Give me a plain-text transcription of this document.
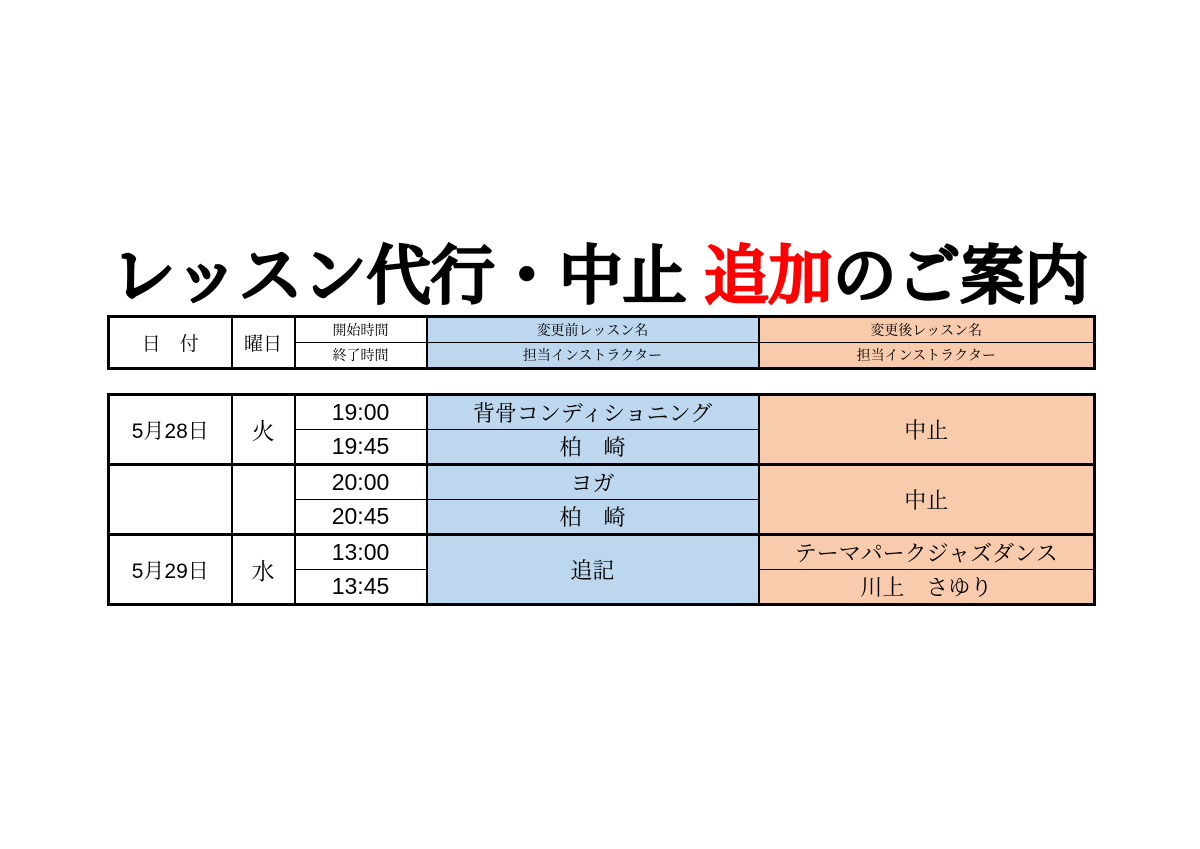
レッスン代行・中止 追加のご案内
日　付	曜日	開始時間	変更前レッスン名	変更後レッスン名
		終了時間	担当インストラクター	担当インストラクター
5月28日	火	19:00	背骨コンディショニング	中止
		19:45	柏　崎	
		20:00	ヨガ	中止
		20:45	柏　崎	
5月29日	水	13:00	追記	テーマパークジャズダンス
		13:45		川上　さゆり
